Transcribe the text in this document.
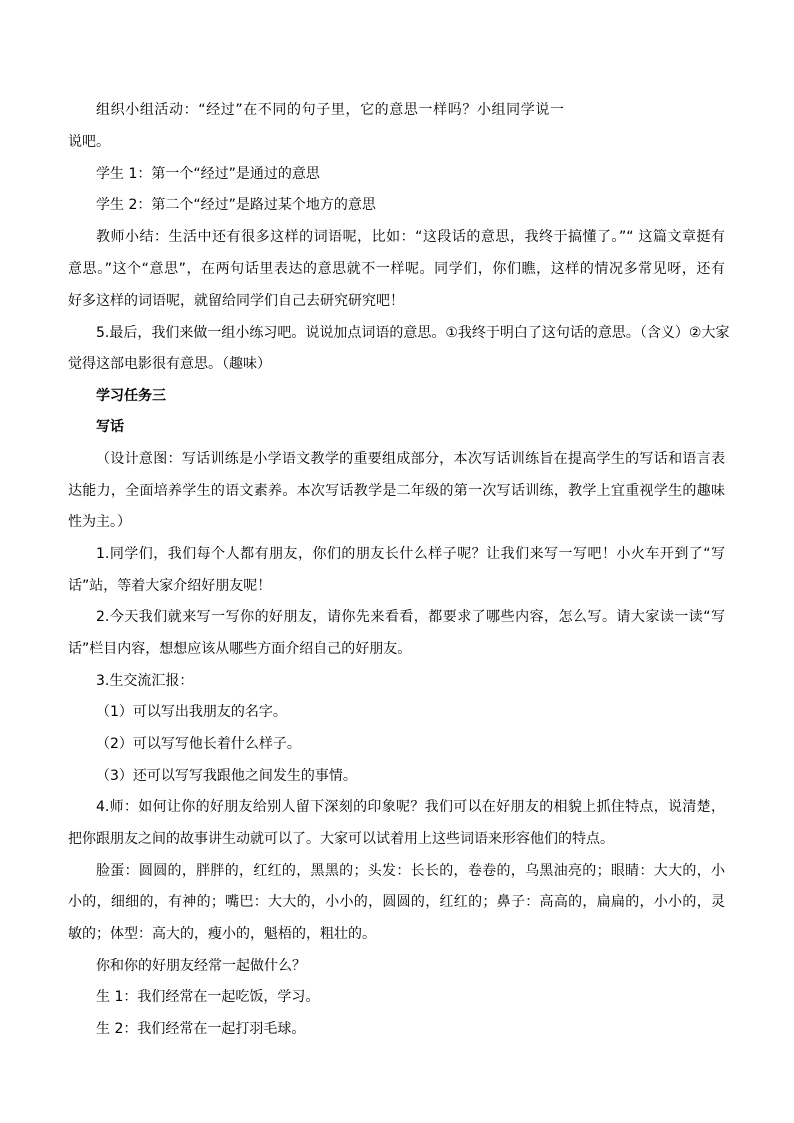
组织小组活动：“经过”在不同的句子里，它的意思一样吗？小组同学说一
说吧。
学生 1：第一个“经过”是通过的意思
学生 2：第二个“经过”是路过某个地方的意思
教师小结：生活中还有很多这样的词语呢，比如：“这段话的意思，我终于搞懂了。”“ 这篇文章挺有
意思。”这个“意思”，在两句话里表达的意思就不一样呢。同学们，你们瞧，这样的情况多常见呀，还有
好多这样的词语呢，就留给同学们自己去研究研究吧！
5.最后，我们来做一组小练习吧。说说加点词语的意思。①我终于明白了这句话的意思。（含义）②大家
觉得这部电影很有意思。（趣味）
学习任务三
写话
（设计意图：写话训练是小学语文教学的重要组成部分，本次写话训练旨在提高学生的写话和语言表
达能力，全面培养学生的语文素养。本次写话教学是二年级的第一次写话训练，教学上宜重视学生的趣味
性为主。）
1.同学们，我们每个人都有朋友，你们的朋友长什么样子呢？让我们来写一写吧！小火车开到了“写
话”站，等着大家介绍好朋友呢！
2.今天我们就来写一写你的好朋友，请你先来看看，都要求了哪些内容，怎么写。请大家读一读“写
话”栏目内容，想想应该从哪些方面介绍自己的好朋友。
3.生交流汇报：
（1）可以写出我朋友的名字。
（2）可以写写他长着什么样子。
（3）还可以写写我跟他之间发生的事情。
4.师：如何让你的好朋友给别人留下深刻的印象呢？我们可以在好朋友的相貌上抓住特点，说清楚，
把你跟朋友之间的故事讲生动就可以了。大家可以试着用上这些词语来形容他们的特点。
脸蛋：圆圆的，胖胖的，红红的，黑黑的；头发：长长的，卷卷的，乌黑油亮的；眼睛：大大的，小
小的，细细的，有神的；嘴巴：大大的，小小的，圆圆的，红红的；鼻子：高高的，扁扁的，小小的，灵
敏的；体型：高大的，瘦小的，魁梧的，粗壮的。
你和你的好朋友经常一起做什么？
生 1：我们经常在一起吃饭，学习。
生 2：我们经常在一起打羽毛球。
